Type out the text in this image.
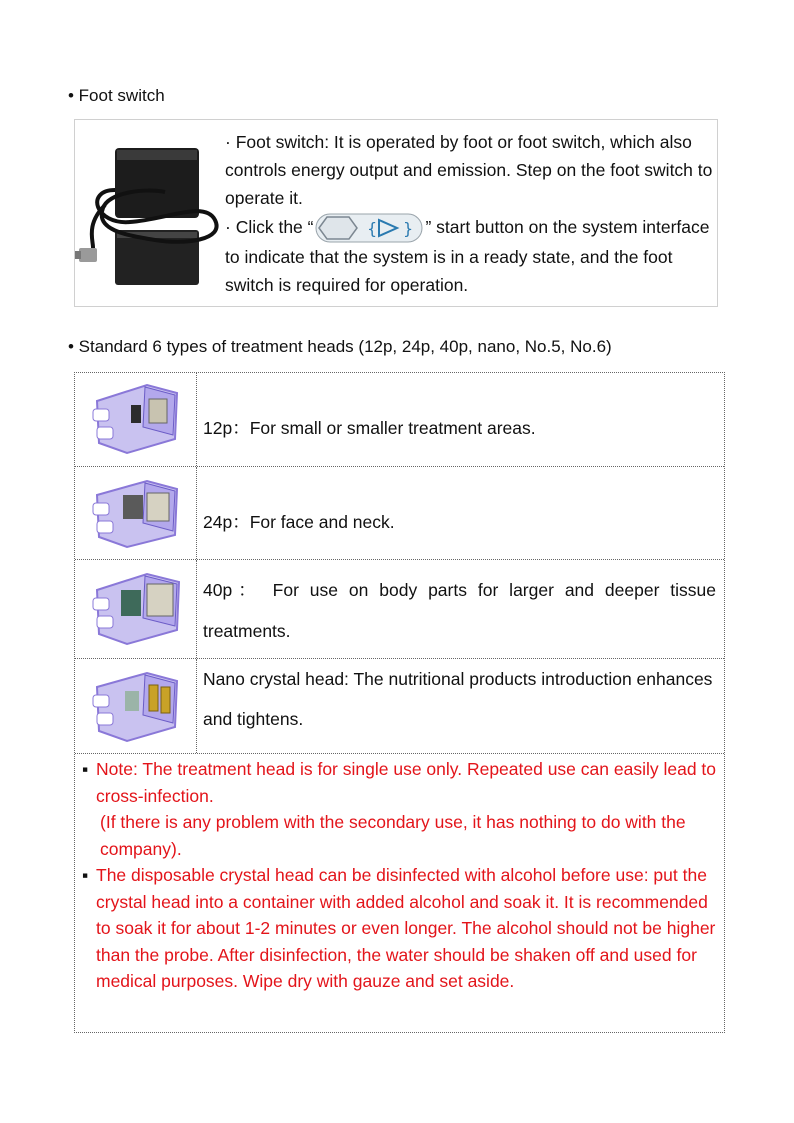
• Foot switch
· Foot switch: It is operated by foot or foot switch, which also controls energy output and emission. Step on the foot switch to operate it.
· Click the “	{ } ” start button on the system interface to indicate that the system is in a ready state, and the foot switch is required for operation.
• Standard 6 types of treatment heads (12p, 24p, 40p, nano, No.5, No.6)
12p：For small or smaller treatment areas.
24p：For face and neck.
40p： For use on body parts for larger and deeper tissue treatments.
Nano crystal head: The nutritional products introduction enhances and tightens.
▪ Note: The treatment head is for single use only. Repeated use can easily lead to cross-infection.
(If there is any problem with the secondary use, it has nothing to do with the company).
▪ The disposable crystal head can be disinfected with alcohol before use: put the crystal head into a container with added alcohol and soak it. It is recommended to soak it for about 1-2 minutes or even longer. The alcohol should not be higher than the probe. After disinfection, the water should be shaken off and used for medical purposes. Wipe dry with gauze and set aside.
